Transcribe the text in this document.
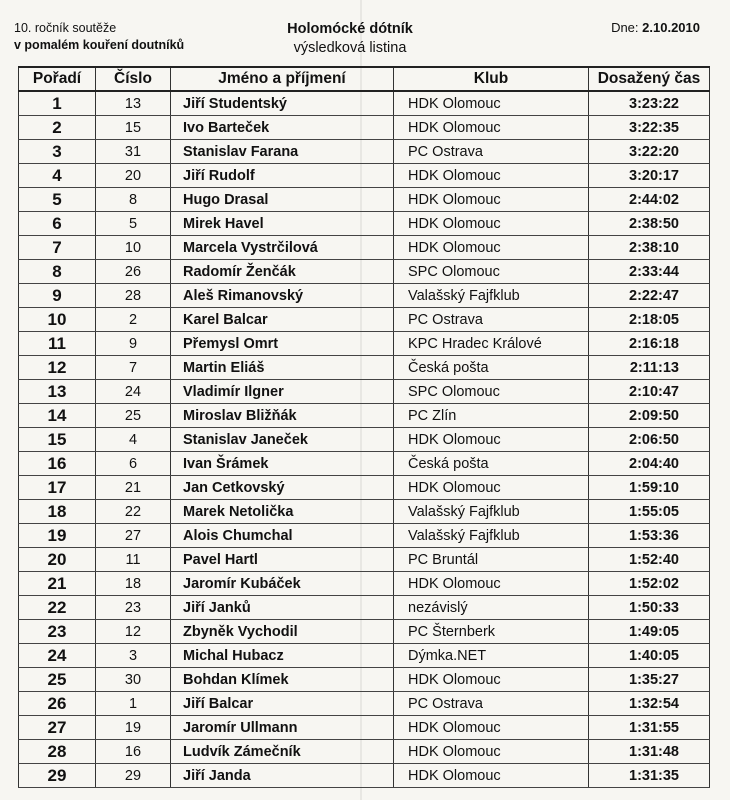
10. ročník soutěže
v pomalém kouření doutníků
Holomócké dótník
výsledková listina
Dne: 2.10.2010
Pořadí	Číslo	Jméno a příjmení	Klub	Dosažený čas
1	13	Jiří Studentský	HDK Olomouc	3:23:22
2	15	Ivo Barteček	HDK Olomouc	3:22:35
3	31	Stanislav Farana	PC Ostrava	3:22:20
4	20	Jiří Rudolf	HDK Olomouc	3:20:17
5	8	Hugo Drasal	HDK Olomouc	2:44:02
6	5	Mirek Havel	HDK Olomouc	2:38:50
7	10	Marcela Vystrčilová	HDK Olomouc	2:38:10
8	26	Radomír Ženčák	SPC Olomouc	2:33:44
9	28	Aleš Rimanovský	Valašský Fajfklub	2:22:47
10	2	Karel Balcar	PC Ostrava	2:18:05
11	9	Přemysl Omrt	KPC Hradec Králové	2:16:18
12	7	Martin Eliáš	Česká pošta	2:11:13
13	24	Vladimír Ilgner	SPC Olomouc	2:10:47
14	25	Miroslav Bližňák	PC Zlín	2:09:50
15	4	Stanislav Janeček	HDK Olomouc	2:06:50
16	6	Ivan Šrámek	Česká pošta	2:04:40
17	21	Jan Cetkovský	HDK Olomouc	1:59:10
18	22	Marek Netolička	Valašský Fajfklub	1:55:05
19	27	Alois Chumchal	Valašský Fajfklub	1:53:36
20	11	Pavel Hartl	PC Bruntál	1:52:40
21	18	Jaromír Kubáček	HDK Olomouc	1:52:02
22	23	Jiří Janků	nezávislý	1:50:33
23	12	Zbyněk Vychodil	PC Šternberk	1:49:05
24	3	Michal Hubacz	Dýmka.NET	1:40:05
25	30	Bohdan Klímek	HDK Olomouc	1:35:27
26	1	Jiří Balcar	PC Ostrava	1:32:54
27	19	Jaromír Ullmann	HDK Olomouc	1:31:55
28	16	Ludvík Zámečník	HDK Olomouc	1:31:48
29	29	Jiří Janda	HDK Olomouc	1:31:35
